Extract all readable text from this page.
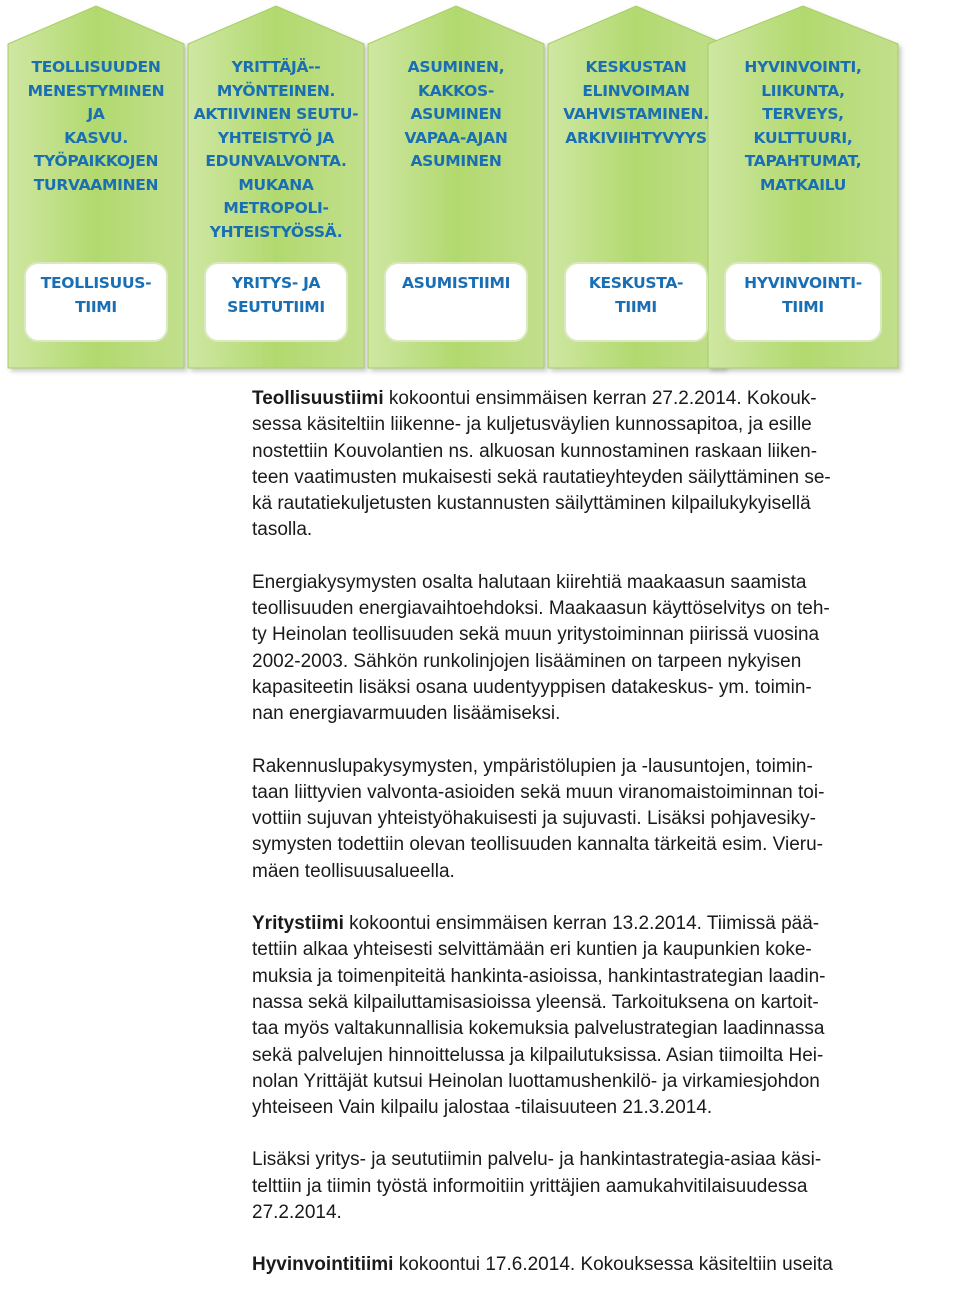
TEOLLISUUDEN
MENESTYMINEN
JA
KASVU.
TYÖPAIKKOJEN
TURVAAMINEN
TEOLLISUUS-
TIIMI
YRITTÄJÄ--
MYÖNTEINEN.
AKTIIVINEN SEUTU-
YHTEISTYÖ JA
EDUNVALVONTA.
MUKANA
METROPOLI-
YHTEISTYÖSSÄ.
YRITYS- JA
SEUTUTIIMI
ASUMINEN,
KAKKOS-
ASUMINEN
VAPAA-AJAN
ASUMINEN
ASUMISTIIMI
KESKUSTAN
ELINVOIMAN
VAHVISTAMINEN.
ARKIVIIHTYVYYS
KESKUSTA-
TIIMI
HYVINVOINTI,
LIIKUNTA,
TERVEYS,
KULTTUURI,
TAPAHTUMAT,
MATKAILU
HYVINVOINTI-
TIIMI

Teollisuustiimi kokoontui ensimmäisen kerran 27.2.2014. Kokouk-
sessa käsiteltiin liikenne- ja kuljetusväylien kunnossapitoa, ja esille
nostettiin Kouvolantien ns. alkuosan kunnostaminen raskaan liiken-
teen vaatimusten mukaisesti sekä rautatieyhteyden säilyttäminen se-
kä rautatiekuljetusten kustannusten säilyttäminen kilpailukykyisellä
tasolla.

Energiakysymysten osalta halutaan kiirehtiä maakaasun saamista
teollisuuden energiavaihtoehdoksi. Maakaasun käyttöselvitys on teh-
ty Heinolan teollisuuden sekä muun yritystoiminnan piirissä vuosina
2002-2003. Sähkön runkolinjojen lisääminen on tarpeen nykyisen
kapasiteetin lisäksi osana uudentyyppisen datakeskus- ym. toimin-
nan energiavarmuuden lisäämiseksi.

Rakennuslupakysymysten, ympäristölupien ja -lausuntojen, toimin-
taan liittyvien valvonta-asioiden sekä muun viranomaistoiminnan toi-
vottiin sujuvan yhteistyöhakuisesti ja sujuvasti. Lisäksi pohjavesiky-
symysten todettiin olevan teollisuuden kannalta tärkeitä esim. Vieru-
mäen teollisuusalueella.

Yritystiimi kokoontui ensimmäisen kerran 13.2.2014. Tiimissä pää-
tettiin alkaa yhteisesti selvittämään eri kuntien ja kaupunkien koke-
muksia ja toimenpiteitä hankinta-asioissa, hankintastrategian laadin-
nassa sekä kilpailuttamisasioissa yleensä. Tarkoituksena on kartoit-
taa myös valtakunnallisia kokemuksia palvelustrategian laadinnassa
sekä palvelujen hinnoittelussa ja kilpailutuksissa. Asian tiimoilta Hei-
nolan Yrittäjät kutsui Heinolan luottamushenkilö- ja virkamiesjohdon
yhteiseen Vain kilpailu jalostaa -tilaisuuteen 21.3.2014.

Lisäksi yritys- ja seututiimin palvelu- ja hankintastrategia-asiaa käsi-
telttiin ja tiimin työstä informoitiin yrittäjien aamukahvitilaisuudessa
27.2.2014.

Hyvinvointitiimi kokoontui 17.6.2014. Kokouksessa käsiteltiin useita
